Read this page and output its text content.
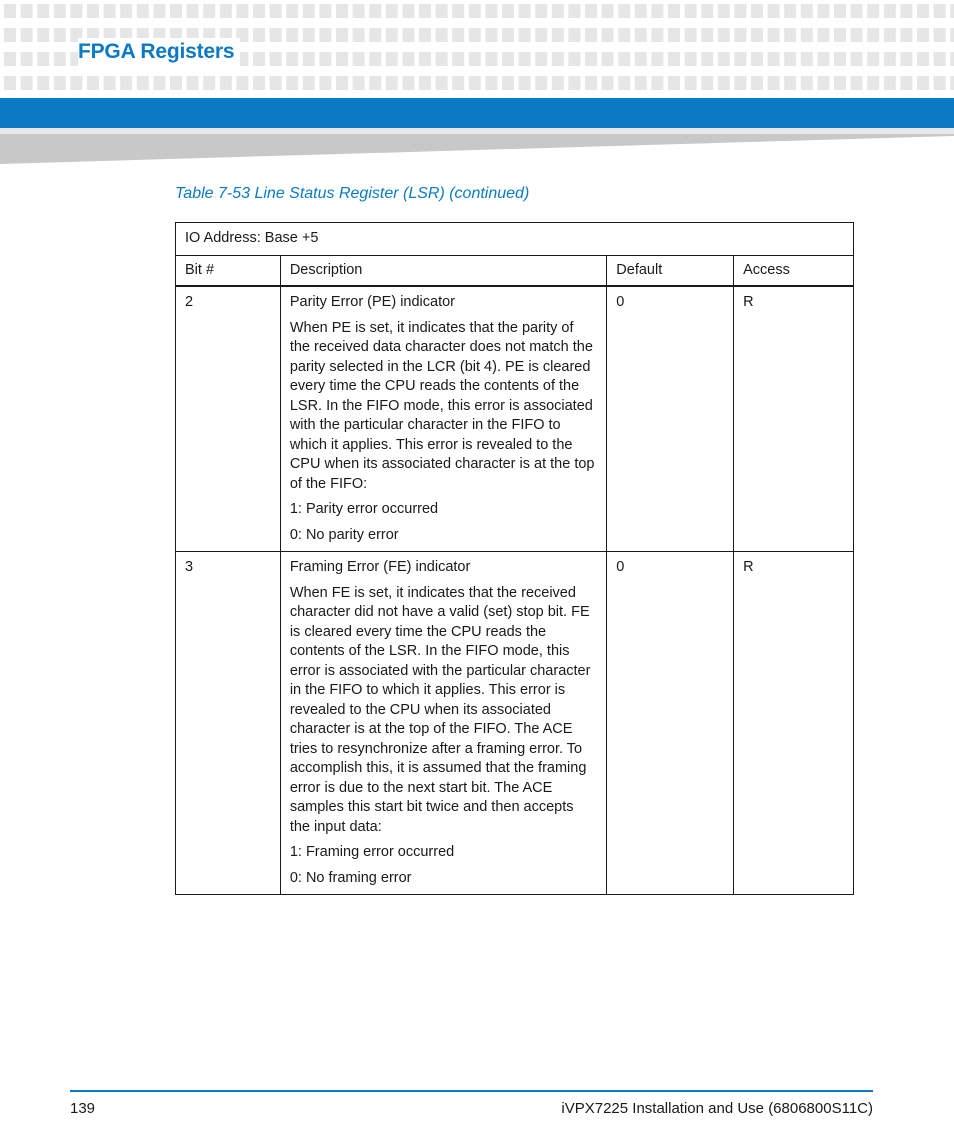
FPGA Registers
Table 7-53 Line Status Register (LSR) (continued)
IO Address: Base +5			
Bit #	Description	Default	Access
2	Parity Error (PE) indicator

When PE is set, it indicates that the parity of the received data character does not match the parity selected in the LCR (bit 4). PE is cleared every time the CPU reads the contents of the LSR. In the FIFO mode, this error is associated with the particular character in the FIFO to which it applies. This error is revealed to the CPU when its associated character is at the top of the FIFO:

1: Parity error occurred

0: No parity error	0	R
3	Framing Error (FE) indicator

When FE is set, it indicates that the received character did not have a valid (set) stop bit. FE is cleared every time the CPU reads the contents of the LSR. In the FIFO mode, this error is associated with the particular character in the FIFO to which it applies. This error is revealed to the CPU when its associated character is at the top of the FIFO. The ACE tries to resynchronize after a framing error. To accomplish this, it is assumed that the framing error is due to the next start bit. The ACE samples this start bit twice and then accepts the input data:

1: Framing error occurred

0: No framing error	0	R
139	iVPX7225 Installation and Use (6806800S11C)
